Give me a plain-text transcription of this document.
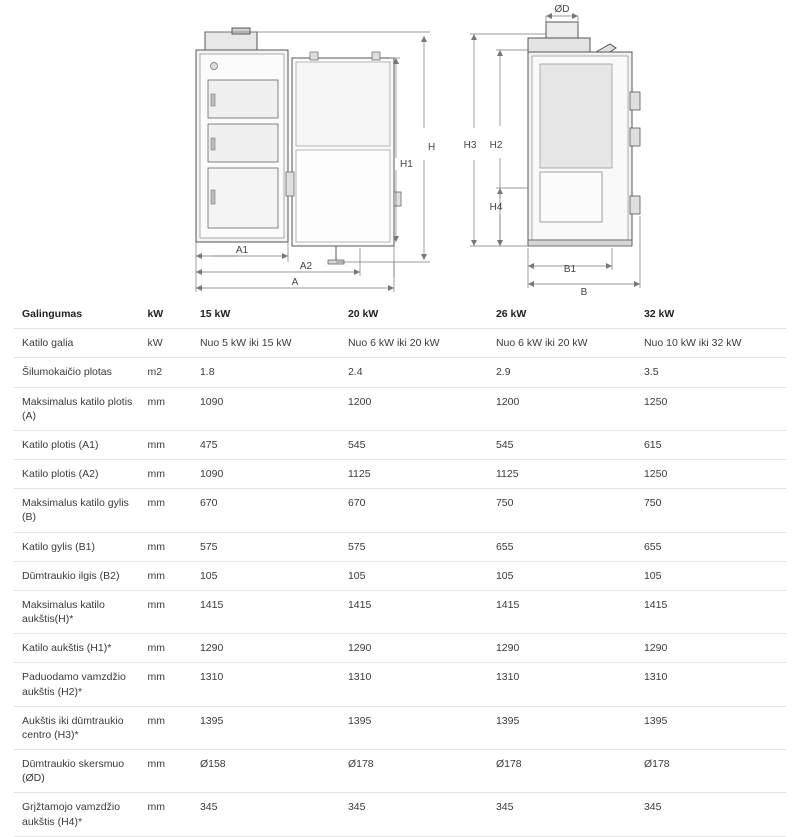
A1
A2
A
H1
H
ØD
H3 H2
H4
B1
B
Galingumas	kW	15 kW	20 kW	26 kW	32 kW
Katilo galia	kW	Nuo 5 kW iki 15 kW	Nuo 6 kW iki 20 kW	Nuo 6 kW iki 20 kW	Nuo 10 kW iki 32 kW
Šilumokaičio plotas	m2	1.8	2.4	2.9	3.5
Maksimalus katilo plotis (A)	mm	1090	1200	1200	1250
Katilo plotis (A1)	mm	475	545	545	615
Katilo plotis (A2)	mm	1090	1125	1125	1250
Maksimalus katilo gylis (B)	mm	670	670	750	750
Katilo gylis (B1)	mm	575	575	655	655
Dūmtraukio ilgis (B2)	mm	105	105	105	105
Maksimalus katilo aukštis(H)*	mm	1415	1415	1415	1415
Katilo aukštis (H1)*	mm	1290	1290	1290	1290
Paduodamo vamzdžio aukštis (H2)*	mm	1310	1310	1310	1310
Aukštis iki dūmtraukio centro (H3)*	mm	1395	1395	1395	1395
Dūmtraukio skersmuo (ØD)	mm	Ø158	Ø178	Ø178	Ø178
Grįžtamojo vamzdžio aukštis (H4)*	mm	345	345	345	345
